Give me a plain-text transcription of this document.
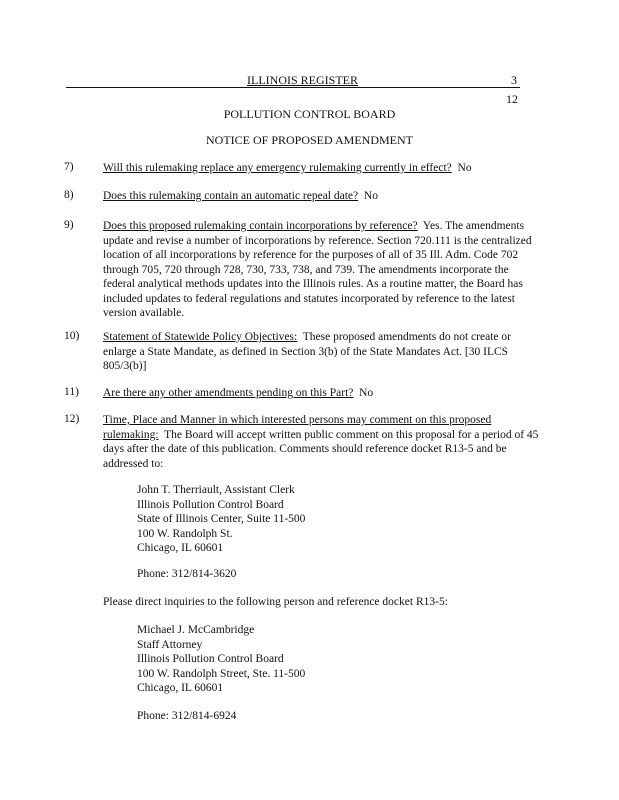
ILLINOIS REGISTER	3
12
POLLUTION CONTROL BOARD
NOTICE OF PROPOSED AMENDMENT
7)	Will this rulemaking replace any emergency rulemaking currently in effect? No
8)	Does this rulemaking contain an automatic repeal date? No
9)	Does this proposed rulemaking contain incorporations by reference? Yes. The amendments update and revise a number of incorporations by reference. Section 720.111 is the centralized location of all incorporations by reference for the purposes of all of 35 Ill. Adm. Code 702 through 705, 720 through 728, 730, 733, 738, and 739. The amendments incorporate the federal analytical methods updates into the Illinois rules. As a routine matter, the Board has included updates to federal regulations and statutes incorporated by reference to the latest version available.
10) Statement of Statewide Policy Objectives: These proposed amendments do not create or enlarge a State Mandate, as defined in Section 3(b) of the State Mandates Act. [30 ILCS 805/3(b)]
11) Are there any other amendments pending on this Part? No
12) Time, Place and Manner in which interested persons may comment on this proposed rulemaking: The Board will accept written public comment on this proposal for a period of 45 days after the date of this publication. Comments should reference docket R13-5 and be addressed to:
John T. Therriault, Assistant Clerk
Illinois Pollution Control Board
State of Illinois Center, Suite 11-500
100 W. Randolph St.
Chicago, IL 60601
Phone: 312/814-3620
Please direct inquiries to the following person and reference docket R13-5:
Michael J. McCambridge
Staff Attorney
Illinois Pollution Control Board
100 W. Randolph Street, Ste. 11-500
Chicago, IL 60601
Phone: 312/814-6924
